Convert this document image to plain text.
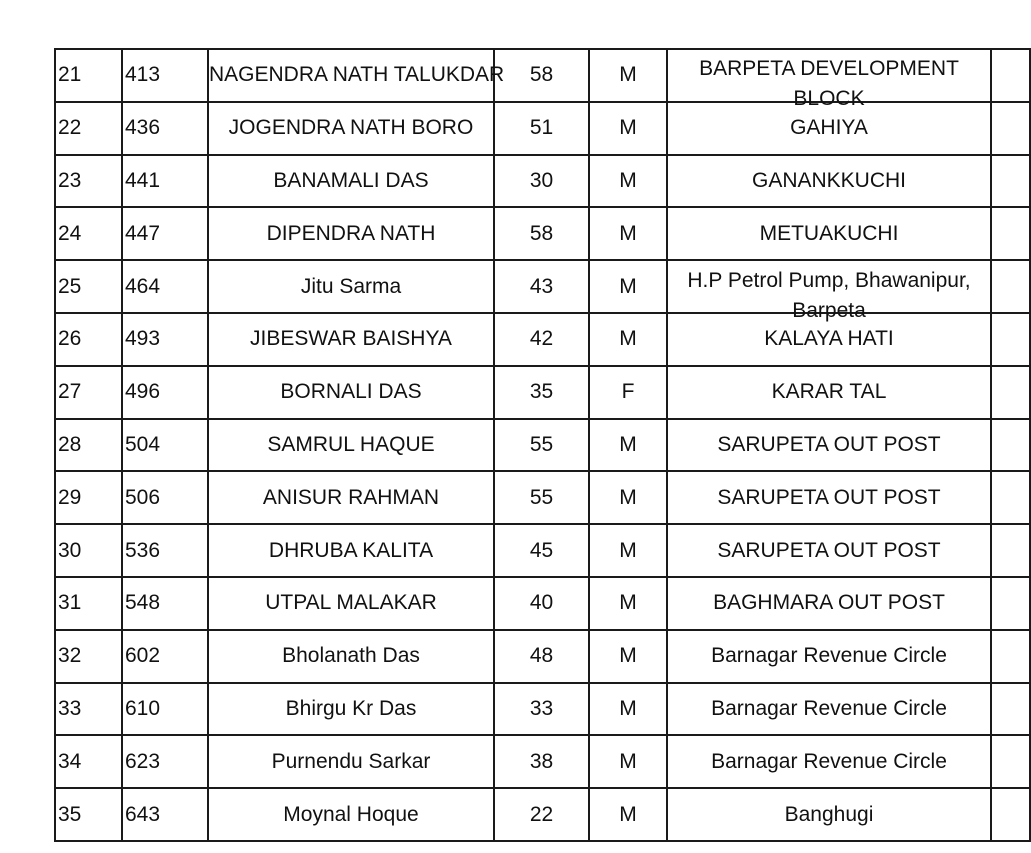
21	413	NAGENDRA NATH TALUKDAR	58	M	BARPETA DEVELOPMENT BLOCK	

22	436	JOGENDRA NATH BORO	51	M	GAHIYA	

23	441	BANAMALI DAS	30	M	GANANKKUCHI	

24	447	DIPENDRA NATH	58	M	METUAKUCHI	

25	464	Jitu Sarma	43	M	H.P Petrol Pump, Bhawanipur, Barpeta	

26	493	JIBESWAR BAISHYA	42	M	KALAYA HATI	

27	496	BORNALI DAS	35	F	KARAR TAL	

28	504	SAMRUL HAQUE	55	M	SARUPETA OUT POST	

29	506	ANISUR RAHMAN	55	M	SARUPETA OUT POST	

30	536	DHRUBA KALITA	45	M	SARUPETA OUT POST	

31	548	UTPAL MALAKAR	40	M	BAGHMARA OUT POST	

32	602	Bholanath Das	48	M	Barnagar Revenue Circle	

33	610	Bhirgu Kr Das	33	M	Barnagar Revenue Circle	

34	623	Purnendu Sarkar	38	M	Barnagar Revenue Circle	

35	643	Moynal Hoque	22	M	Banghugi	
